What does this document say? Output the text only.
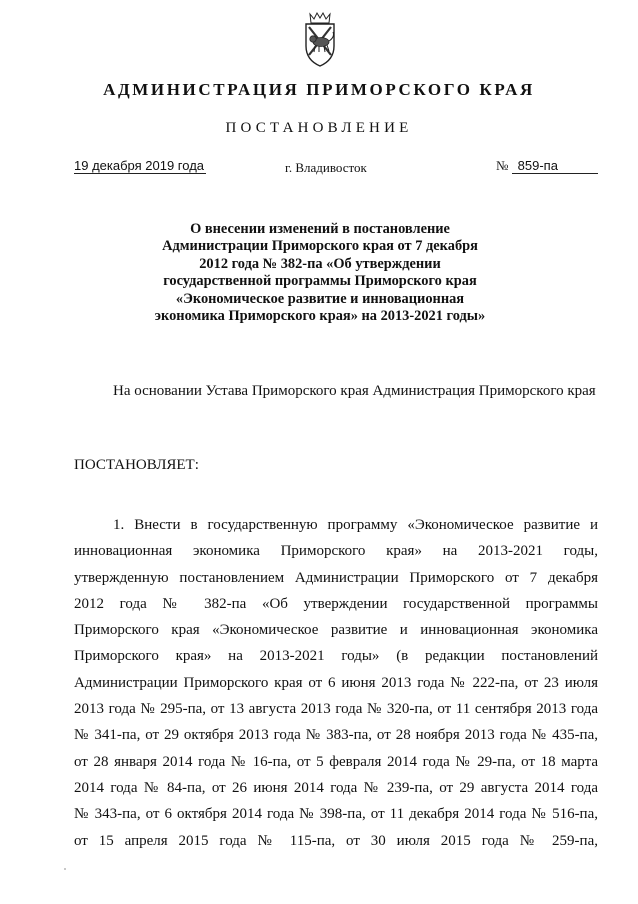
АДМИНИСТРАЦИЯ ПРИМОРСКОГО КРАЯ
ПОСТАНОВЛЕНИЕ
19 декабря 2019 года	г. Владивосток	№ 859-па
О внесении изменений в постановление
Администрации Приморского края от 7 декабря
2012 года № 382-па «Об утверждении
государственной программы Приморского края
«Экономическое развитие и инновационная
экономика Приморского края» на 2013-2021 годы»
На основании Устава Приморского края Администрация Приморского края
ПОСТАНОВЛЯЕТ:
1. Внести в государственную программу «Экономическое развитие и
инновационная экономика Приморского края» на 2013-2021 годы,
утвержденную постановлением Администрации Приморского от 7 декабря
2012 года № 382-па «Об утверждении государственной программы
Приморского края «Экономическое развитие и инновационная экономика
Приморского края» на 2013-2021 годы» (в редакции постановлений
Администрации Приморского края от 6 июня 2013 года № 222-па, от 23 июля
2013 года № 295-па, от 13 августа 2013 года № 320-па, от 11 сентября 2013 года
№ 341-па, от 29 октября 2013 года № 383-па, от 28 ноября 2013 года № 435-па,
от 28 января 2014 года № 16-па, от 5 февраля 2014 года № 29-па, от 18 марта
2014 года № 84-па, от 26 июня 2014 года № 239-па, от 29 августа 2014 года
№ 343-па, от 6 октября 2014 года № 398-па, от 11 декабря 2014 года № 516-па,
от 15 апреля 2015 года № 115-па, от 30 июля 2015 года № 259-па,
